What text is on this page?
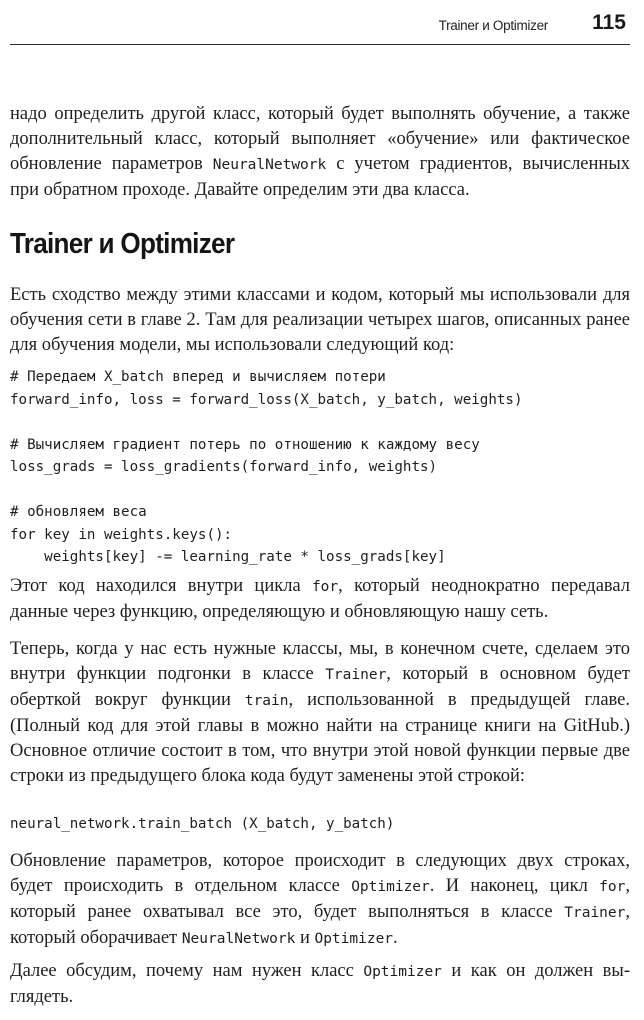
Trainer и Optimizer 115

надо определить другой класс, который будет выполнять обучение, а также дополнительный класс, который выполняет «обучение» или фактическое обновление параметров NeuralNetwork с учетом градиентов, вычисленных при обратном проходе. Давайте определим эти два класса.

Trainer и Optimizer

Есть сходство между этими классами и кодом, который мы использовали для обучения сети в главе 2. Там для реализации четырех шагов, описанных ранее для обучения модели, мы использовали следующий код:

# Передаем X_batch вперед и вычисляем потери
forward_info, loss = forward_loss(X_batch, y_batch, weights)

# Вычисляем градиент потерь по отношению к каждому весу
loss_grads = loss_gradients(forward_info, weights)

# обновляем веса
for key in weights.keys():
weights[key] -= learning_rate * loss_grads[key]

Этот код находился внутри цикла for, который неоднократно передавал данные через функцию, определяющую и обновляющую нашу сеть.

Теперь, когда у нас есть нужные классы, мы, в конечном счете, сделаем это внутри функции подгонки в классе Trainer, который в основном будет оберткой вокруг функции train, использованной в предыдущей главе. (Полный код для этой главы в можно найти на странице книги на GitHub.) Основное отличие состоит в том, что внутри этой новой функции первые две строки из предыдущего блока кода будут заменены этой строкой:

neural_network.train_batch (X_batch, y_batch)

Обновление параметров, которое происходит в следующих двух строках, будет происходить в отдельном классе Optimizer. И наконец, цикл for, который ранее охватывал все это, будет выполняться в классе Trainer, который оборачивает NeuralNetwork и Optimizer.

Далее обсудим, почему нам нужен класс Optimizer и как он должен выглядеть.
